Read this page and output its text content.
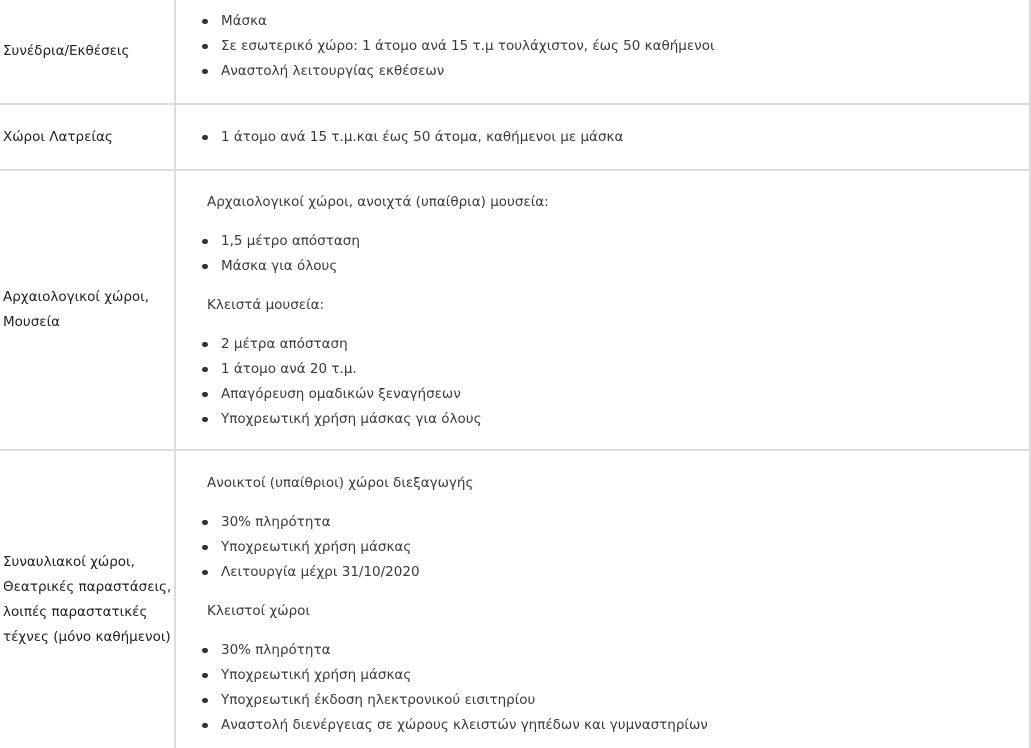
Συνέδρια/Εκθέσεις
Μάσκα
Σε εσωτερικό χώρο: 1 άτομο ανά 15 τ.μ τουλάχιστον, έως 50 καθήμενοι
Αναστολή λειτουργίας εκθέσεων
Χώροι Λατρείας	1 άτομο ανά 15 τ.μ.και έως 50 άτομα, καθήμενοι με μάσκα
Αρχαιολογικοί χώροι,
Μουσεία
Αρχαιολογικοί χώροι, ανοιχτά (υπαίθρια) μουσεία:
1,5 μέτρο απόσταση
Μάσκα για όλους
Κλειστά μουσεία:
2 μέτρα απόσταση
1 άτομο ανά 20 τ.μ.
Απαγόρευση ομαδικών ξεναγήσεων
Υποχρεωτική χρήση μάσκας για όλους
Συναυλιακοί χώροι,
Θεατρικές παραστάσεις,
λοιπές παραστατικές
τέχνες (μόνο καθήμενοι)
Ανοικτοί (υπαίθριοι) χώροι διεξαγωγής
30% πληρότητα
Υποχρεωτική χρήση μάσκας
Λειτουργία μέχρι 31/10/2020
Κλειστοί χώροι
30% πληρότητα
Υποχρεωτική χρήση μάσκας
Υποχρεωτική έκδοση ηλεκτρονικού εισιτηρίου
Αναστολή διενέργειας σε χώρους κλειστών γηπέδων και γυμναστηρίων
